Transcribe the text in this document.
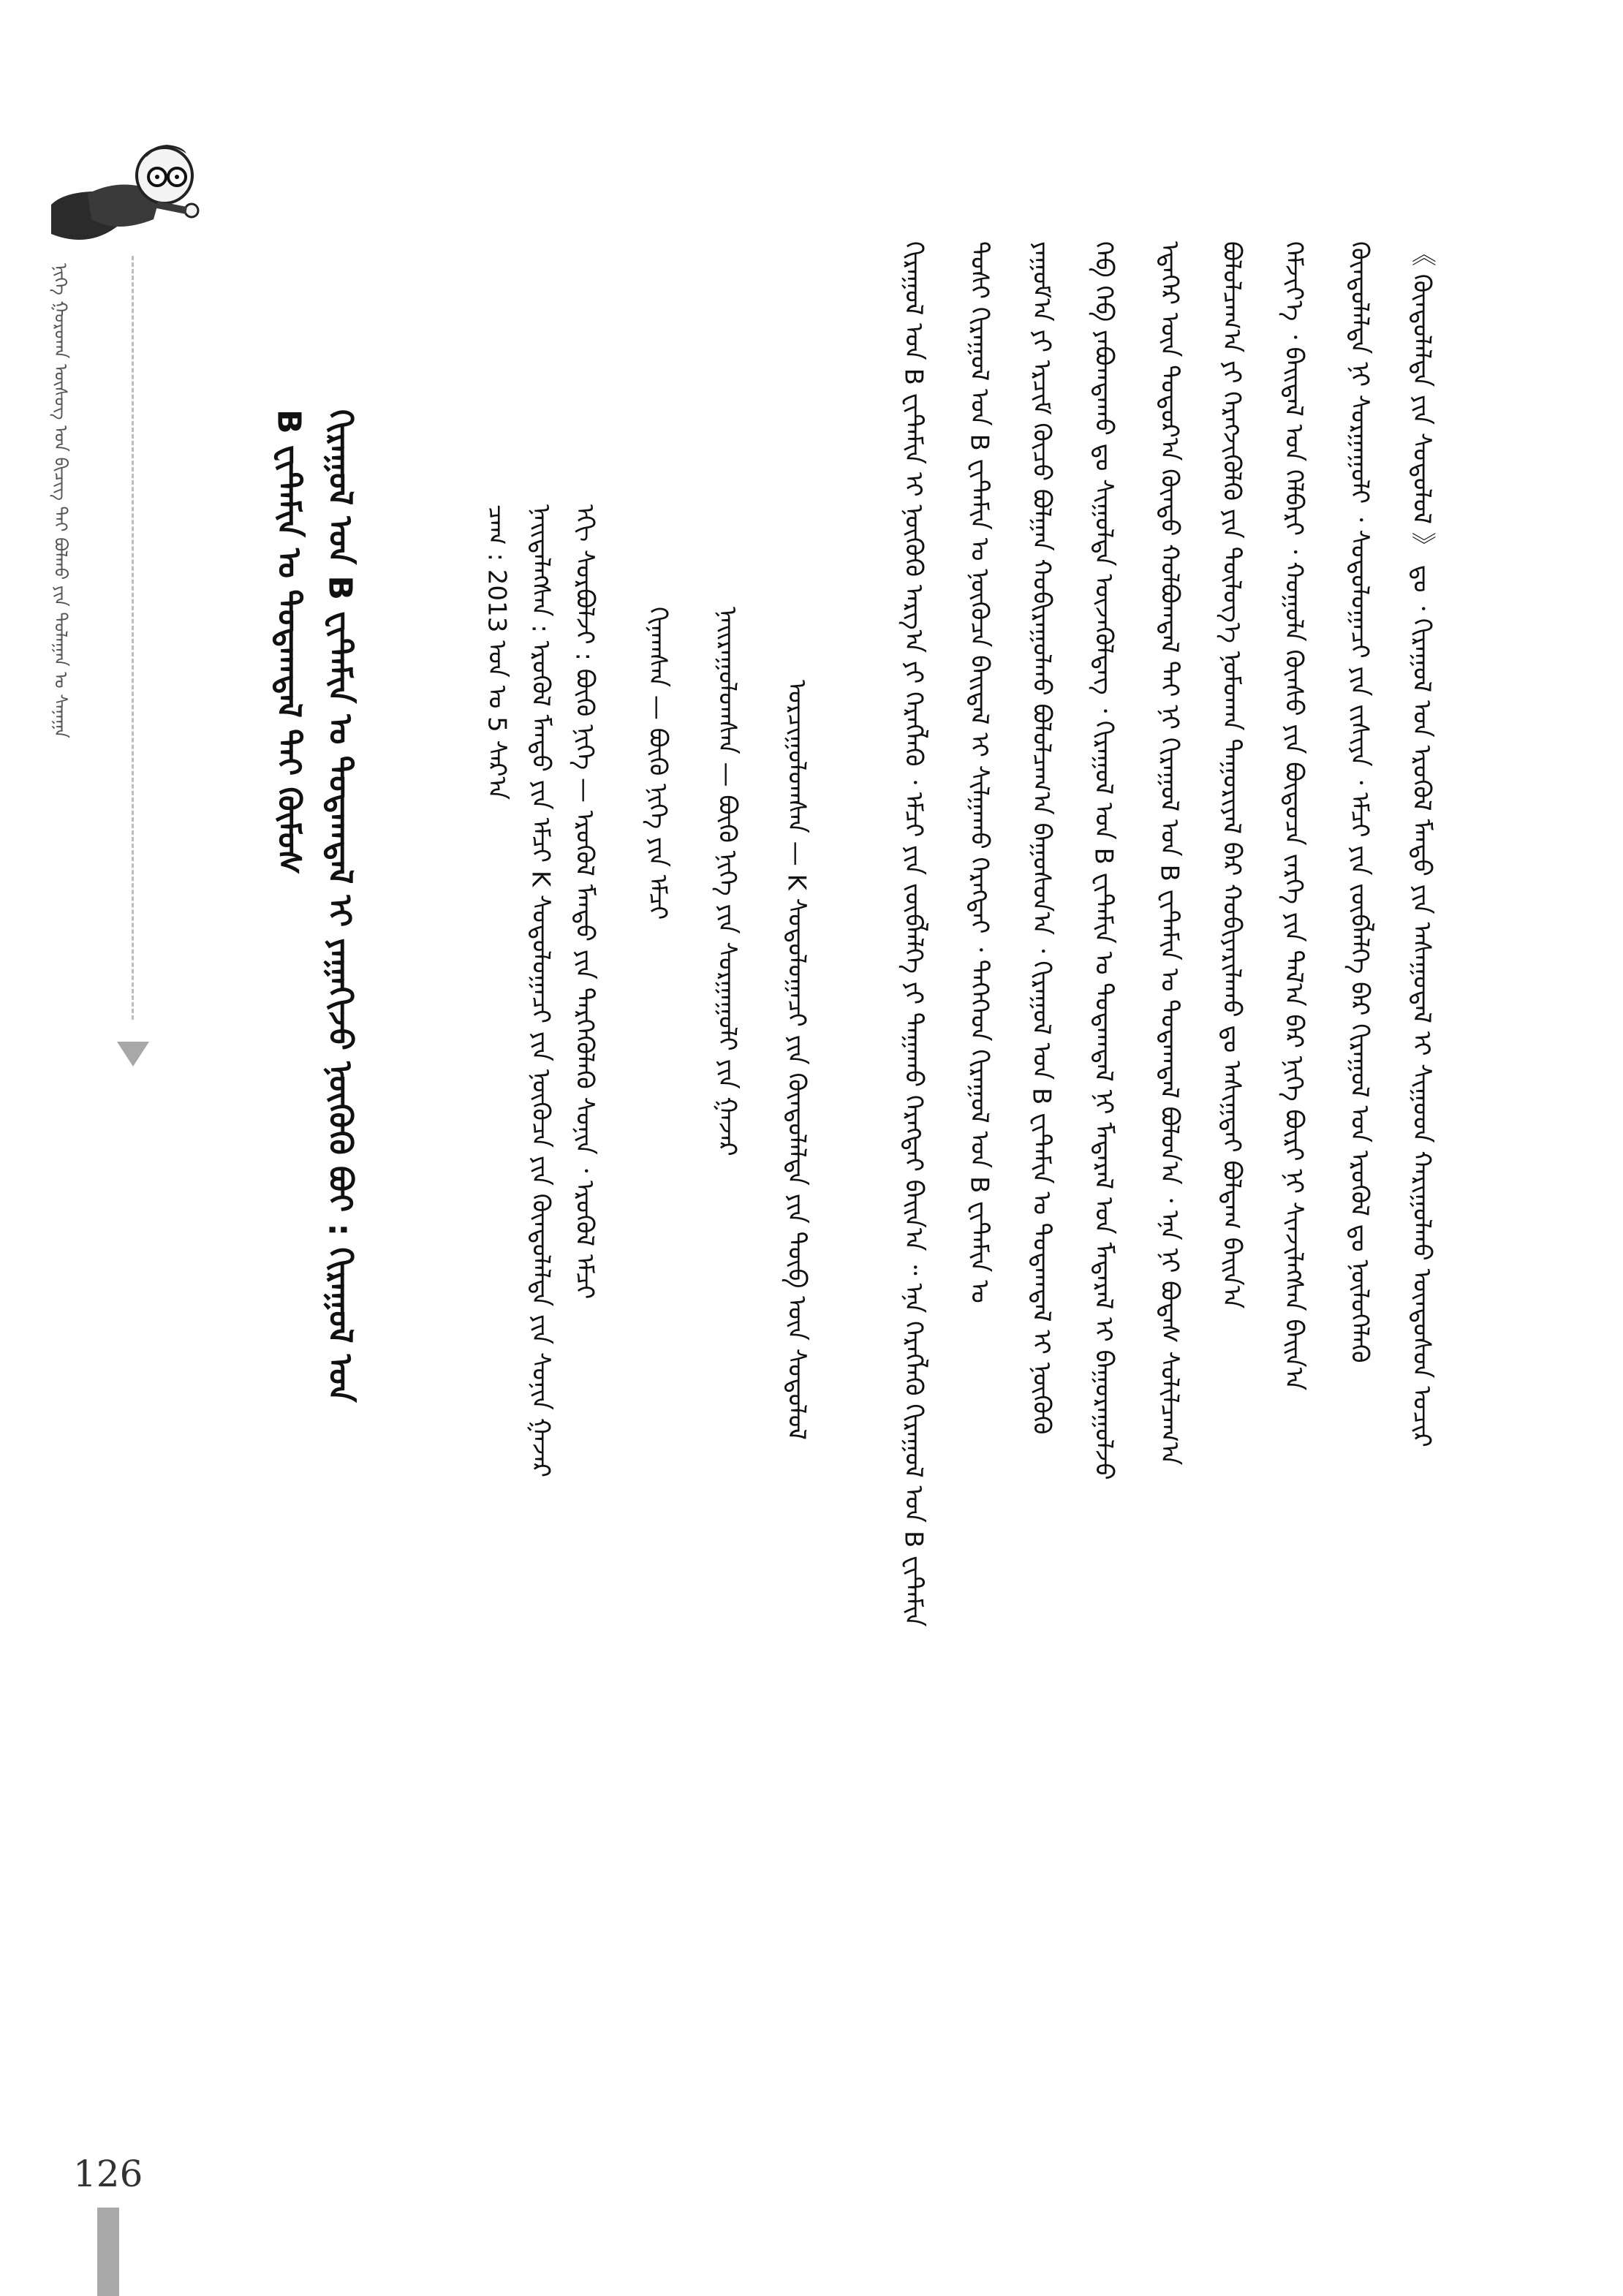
ᠨᠢᠭᠡ ᠭᠣᠷᠤᠬᠠ ᠦᠰᠦᠭ᠌ ᠤᠨ ᠪᠢᠴᠢᠭ ᠲᠠᠢ ᠪᠣᠯᠬᠣ ᠶᠢᠨ ᠳᠤᠯᠠᠭᠠᠨ ᠤ ᠰᠠᠨᠠᠭᠠ
126
B ᠸᠢᠲ᠋ᠠᠮᠢᠨ ᠤ ᠳᠤᠲᠠᠭᠳᠠᠯ ᠲᠠᠢ ᠬᠦᠮᠦᠰ ᠬᠢᠷᠠᠭᠤᠯ ᠤᠨ B ᠸᠢᠲ᠋ᠠᠮᠢᠨ ᠤ ᠳᠤᠲᠠᠭᠳᠠᠯ ᠢ ᠶᠠᠭᠠᠬᠢᠵᠤ ᠨᠥᠬᠥᠬᠦ ᠪᠤᠢ : ᠬᠢᠷᠠᠭᠤᠯ ᠤᠨ	ᠴᠠᠭ : 2013 ᠣᠨ ᠤ 5 ᠰᠠᠷ᠎ᠠ ᠨᠡᠢᠲᠡᠯᠡᠭᠰᠡᠨ : ᠡᠷᠦᠬᠦᠯ ᠮᠡᠨᠳᠦ ᠶᠢᠨ ᠡᠮᠴᠢ K ᠰᠤᠳᠤᠯᠤᠭᠠᠴᠢ ᠶᠢᠨ ᠨᠥᠬᠥᠴᠡ ᠶᠢᠨ ᠬᠦᠨᠳᠦᠯᠡᠯᠲᠡ ᠶᠢᠨ ᠰᠣᠨᠢᠨ ᠭᠠᠵᠠᠷ ᠡᠬᠢ ᠰᠤᠷᠪᠤᠯᠵᠢ : ᠪᠦᠬᠦ ᠨᠢᠭᠡ — ᠡᠷᠦᠬᠦᠯ ᠮᠡᠨᠳᠦ ᠶᠢᠨ ᠲᠡᠷᠭᠡᠭᠦᠯᠡᠬᠦ ᠰᠣᠨᠢᠨ ᠂ ᠡᠷᠦᠬᠦᠯ ᠡᠮᠴᠢ ᠬᠢᠨᠠᠭᠰᠠᠨ — ᠪᠦᠬᠦ ᠨᠢᠭᠡ ᠶᠢᠨ ᠡᠮᠴᠢ ᠨᠠᠢᠷᠠᠭᠤᠯᠤᠭᠰᠠᠨ — ᠪᠦᠬᠦ ᠨᠢᠭᠡ ᠶᠢᠨ ᠰᠤᠷᠭᠠᠭᠤᠯᠢ ᠶᠢᠨ ᠭᠠᠵᠠᠷ ᠣᠷᠴᠢᠭᠤᠯᠤᠭᠰᠠᠨ — K ᠰᠤᠳᠤᠯᠤᠭᠠᠴᠢ ᠶᠢᠨ ᠬᠦᠨᠳᠦᠯᠡᠯᠲᠡ ᠶᠢᠨ ᠲᠦᠪ ᠦᠨ ᠰᠤᠳᠤᠯᠤᠯ	ᠬᠢᠷᠠᠭᠤᠯ ᠤᠨ B ᠸᠢᠲ᠋ᠠᠮᠢᠨ ᠢ ᠨᠥᠬᠥᠬᠦ ᠠᠷᠭ᠎ᠠ ᠶᠢ ᠬᠡᠷᠡᠭᠯᠡᠬᠦ ᠂ ᠡᠮᠴᠢ ᠶᠢᠨ ᠵᠥᠪᠯᠡᠯᠭᠡ ᠶᠢ ᠳᠠᠭᠠᠬᠤ ᠬᠡᠷᠡᠭᠲᠡᠢ ᠪᠠᠢᠨ᠎ᠠ ᠃ ᠡᠨᠡ ᠬᠡᠷᠡᠭᠯᠡᠬᠦ ᠬᠢᠷᠠᠭᠤᠯ ᠤᠨ B ᠸᠢᠲ᠋ᠠᠮᠢᠨ ᠲᠤᠰᠢ ᠬᠢᠷᠠᠭᠤᠯ ᠤᠨ B ᠸᠢᠲ᠋ᠠᠮᠢᠨ ᠤ ᠨᠥᠬᠥᠴᠡ ᠪᠠᠢᠳᠠᠯ ᠢ ᠰᠢᠯᠭᠠᠬᠤ ᠬᠡᠷᠡᠭᠲᠡᠢ ᠂ ᠲᠡᠭᠡᠭᠡᠳ ᠬᠢᠷᠠᠭᠤᠯ ᠤᠨ B ᠸᠢᠲ᠋ᠠᠮᠢᠨ ᠤ ᠶᠠᠭᠤᠮ᠎ᠠ ᠶᠢ ᠡᠷᠴᠢᠮ ᠬᠦᠴᠦ ᠪᠣᠯᠭᠠᠨ ᠬᠤᠪᠢᠷᠠᠭᠤᠯᠬᠤ ᠪᠣᠯᠤᠯᠴᠠᠭ᠎ᠠ ᠪᠠᠭᠤᠰᠤᠨ᠎ᠠ ᠂ ᠬᠢᠷᠠᠭᠤᠯ ᠤᠨ B ᠸᠢᠲ᠋ᠠᠮᠢᠨ ᠤ ᠳᠤᠲᠠᠭᠳᠠᠯ ᠢ ᠨᠥᠬᠥᠬᠦ ᠬᠡᠪ ᠬᠡᠪ ᠶᠠᠪᠤᠭᠳᠠᠬᠤ ᠳᠤ ᠰᠢᠭ᠋ᠦᠯᠲᠡ ᠦᠵᠡᠭᠦᠯᠳᠡᠭ ᠂ ᠬᠢᠷᠠᠭᠤᠯ ᠤᠨ B ᠸᠢᠲ᠋ᠠᠮᠢᠨ ᠤ ᠳᠤᠲᠠᠭᠳᠠᠯ ᠨᠢ ᠮᠡᠳᠡᠷᠡᠯ ᠤᠨ ᠮᠡᠳᠡᠷᠡᠯ ᠢ ᠪᠠᠭᠤᠷᠠᠭᠤᠯᠵᠤ ᠡᠳᠡᠭᠡᠷ ᠦᠨ ᠳᠣᠲᠣᠷ᠎ᠠ ᠬᠦᠨᠳᠦ ᠬᠣᠯᠪᠣᠭᠳᠠᠯ ᠲᠠᠢ ᠨᠢ ᠬᠢᠷᠠᠭᠤᠯ ᠤᠨ B ᠸᠢᠲ᠋ᠠᠮᠢᠨ ᠤ ᠳᠤᠲᠠᠭᠳᠠᠯ ᠪᠣᠯᠤᠨ᠎ᠠ ᠂ ᠡᠨᠡ ᠨᠢ ᠪᠣᠳᠠᠰ ᠰᠣᠯᠢᠯᠴᠠᠭ᠎ᠠ ᠪᠣᠯᠤᠯᠴᠠᠭ᠎ᠠ ᠶᠢ ᠬᠡᠷᠡᠭᠵᠢᠭᠦᠯᠬᠦ ᠶᠢᠨ ᠲᠥᠯᠥᠭ᠎ᠡ ᠨᠣᠮᠤᠬᠠᠨ ᠳᠠᠭᠤᠷᠢᠶᠠᠯ ᠪᠠᠷ ᠬᠤᠪᠢᠶᠠᠷᠢᠯᠠᠬᠤ ᠳᠤ ᠠᠰᠢᠭ᠋ᠲᠠᠢ ᠪᠣᠯᠳᠠᠭ ᠪᠠᠢᠨ᠎ᠠ ᠬᠡᠮᠵᠢᠶ᠎ᠡ ᠂ ᠪᠠᠢᠳᠠᠯ ᠤᠨ ᠬᠡᠯᠪᠡᠷᠢ ᠂ ᠬᠤᠭᠤᠯᠠ ᠬᠦᠨᠰᠦ ᠶᠢᠨ ᠪᠦᠲᠦᠴᠡ ᠵᠡᠷᠭᠡ ᠶᠢᠨ ᠲᠠᠯ᠎ᠠ ᠪᠠᠷ ᠨᠢᠭᠡ ᠪᠦᠷᠢ ᠨᠢ ᠰᠢᠨᠵᠢᠯᠡᠭᠰᠡᠨ ᠪᠠᠢᠨ᠎ᠠ ᠬᠦᠨᠳᠦᠯᠡᠯᠲᠡ ᠨᠢ ᠰᠤᠷᠭᠠᠭᠤᠯᠢ ᠂ ᠰᠤᠳᠤᠯᠤᠭᠠᠴᠢ ᠶᠢᠨ ᠵᠢᠱᠢᠶᠡ ᠂ ᠡᠮᠴᠢ ᠶᠢᠨ ᠵᠥᠪᠯᠡᠯᠭᠡ ᠪᠠᠷ ᠬᠢᠷᠠᠭᠤᠯ ᠤᠨ ᠡᠷᠦᠬᠦᠯ ᠳᠤ ᠨᠥᠯᠦᠭᠡᠯᠡᠬᠦ 《 ᠬᠦᠨᠳᠦᠯᠡᠯᠲᠡ ᠶᠢᠨ ᠰᠣᠳᠤᠯᠤᠯ 》 ᠳᠤ ᠂ ᠬᠢᠷᠠᠭᠤᠯ ᠤᠨ ᠡᠷᠦᠬᠦᠯ ᠮᠡᠨᠳᠦ ᠶᠢᠨ ᠠᠰᠠᠭᠤᠳᠠᠯ ᠢ ᠰᠢᠭᠤᠳ ᠬᠠᠷᠢᠭᠤᠯᠬᠤ ᠦᠨᠳᠦᠰᠦᠨ ᠤᠴᠢᠷ
